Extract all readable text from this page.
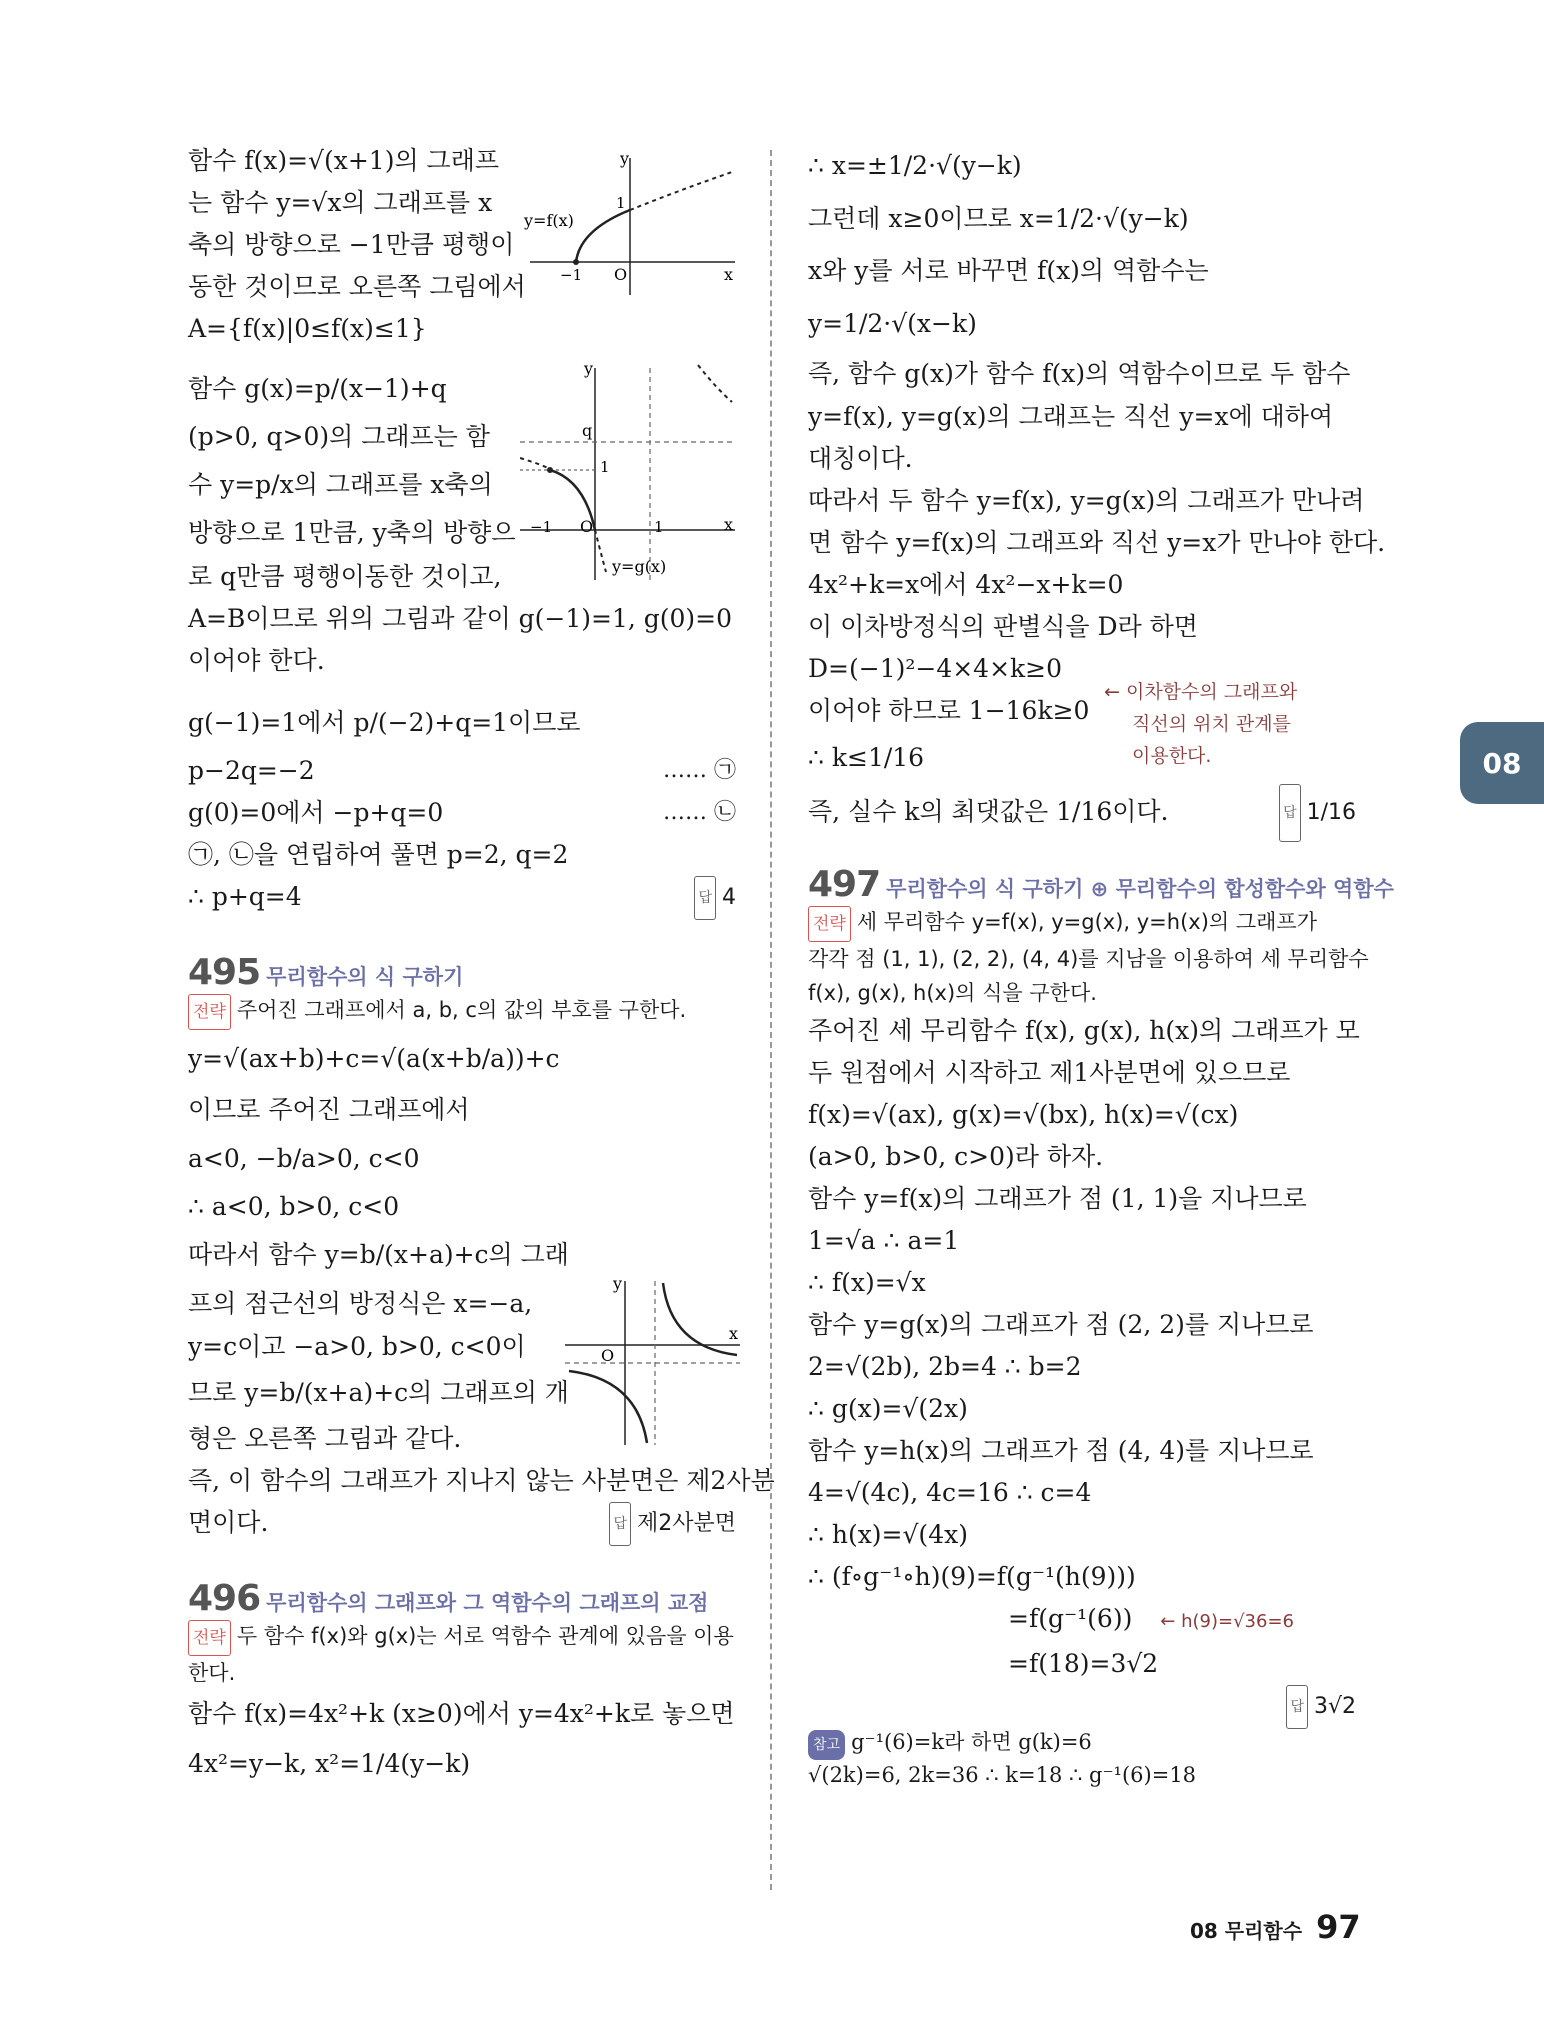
함수 f(x)=√(x+1)의 그래프

는 함수 y=√x의 그래프를 x

축의 방향으로 −1만큼 평행이

동한 것이므로 오른쪽 그림에서

A={f(x)|0≤f(x)≤1}

함수 g(x)=p/(x−1)+q

(p>0, q>0)의 그래프는 함

수 y=p/x의 그래프를 x축의

방향으로 1만큼, y축의 방향으

로 q만큼 평행이동한 것이고,

A=B이므로 위의 그림과 같이 g(−1)=1, g(0)=0

이어야 한다.

g(−1)=1에서 p/(−2)+q=1이므로

p−2q=−2	…… ㉠

g(0)=0에서 −p+q=0	…… ㉡

㉠, ㉡을 연립하여 풀면 p=2, q=2

∴ p+q=4	답 4

495 무리함수의 식 구하기

전략 주어진 그래프에서 a, b, c의 값의 부호를 구한다.

y=√(ax+b)+c=√(a(x+b/a))+c

이므로 주어진 그래프에서

a<0, −b/a>0, c<0

∴ a<0, b>0, c<0

따라서 함수 y=b/(x+a)+c의 그래

프의 점근선의 방정식은 x=−a,

y=c이고 −a>0, b>0, c<0이

므로 y=b/(x+a)+c의 그래프의 개

형은 오른쪽 그림과 같다.

즉, 이 함수의 그래프가 지나지 않는 사분면은 제2사분

면이다.	답 제2사분면

496 무리함수의 그래프와 그 역함수의 그래프의 교점

전략 두 함수 f(x)와 g(x)는 서로 역함수 관계에 있음을 이용

한다.

함수 f(x)=4x²+k (x≥0)에서 y=4x²+k로 놓으면

4x²=y−k, x²=1/4(y−k)

y
x
O
1
−1
y=f(x)
y
x
O
q
1
−1	1
y=g(x)
y
x
O

∴ x=±1/2·√(y−k)

그런데 x≥0이므로 x=1/2·√(y−k)

x와 y를 서로 바꾸면 f(x)의 역함수는

y=1/2·√(x−k)

즉, 함수 g(x)가 함수 f(x)의 역함수이므로 두 함수

y=f(x), y=g(x)의 그래프는 직선 y=x에 대하여

대칭이다.

따라서 두 함수 y=f(x), y=g(x)의 그래프가 만나려

면 함수 y=f(x)의 그래프와 직선 y=x가 만나야 한다.

4x²+k=x에서 4x²−x+k=0

이 이차방정식의 판별식을 D라 하면

D=(−1)²−4×4×k≥0

이어야 하므로 1−16k≥0

∴ k≤1/16

즉, 실수 k의 최댓값은 1/16이다.	답 1/16

497 무리함수의 식 구하기 ⊕ 무리함수의 합성함수와 역함수

전략 세 무리함수 y=f(x), y=g(x), y=h(x)의 그래프가

각각 점 (1, 1), (2, 2), (4, 4)를 지남을 이용하여 세 무리함수

f(x), g(x), h(x)의 식을 구한다.

주어진 세 무리함수 f(x), g(x), h(x)의 그래프가 모

두 원점에서 시작하고 제1사분면에 있으므로

f(x)=√(ax), g(x)=√(bx), h(x)=√(cx)

(a>0, b>0, c>0)라 하자.

함수 y=f(x)의 그래프가 점 (1, 1)을 지나므로

1=√a ∴ a=1

∴ f(x)=√x

함수 y=g(x)의 그래프가 점 (2, 2)를 지나므로

2=√(2b), 2b=4 ∴ b=2

∴ g(x)=√(2x)

함수 y=h(x)의 그래프가 점 (4, 4)를 지나므로

4=√(4c), 4c=16 ∴ c=4

∴ h(x)=√(4x)

∴ (f∘g⁻¹∘h)(9)=f(g⁻¹(h(9)))

=f(g⁻¹(6)) ← h(9)=√36=6

=f(18)=3√2

답 3√2

참고 g⁻¹(6)=k라 하면 g(k)=6

√(2k)=6, 2k=36 ∴ k=18 ∴ g⁻¹(6)=18

← 이차함수의 그래프와
직선의 위치 관계를
이용한다.	08
08 무리함수 97
